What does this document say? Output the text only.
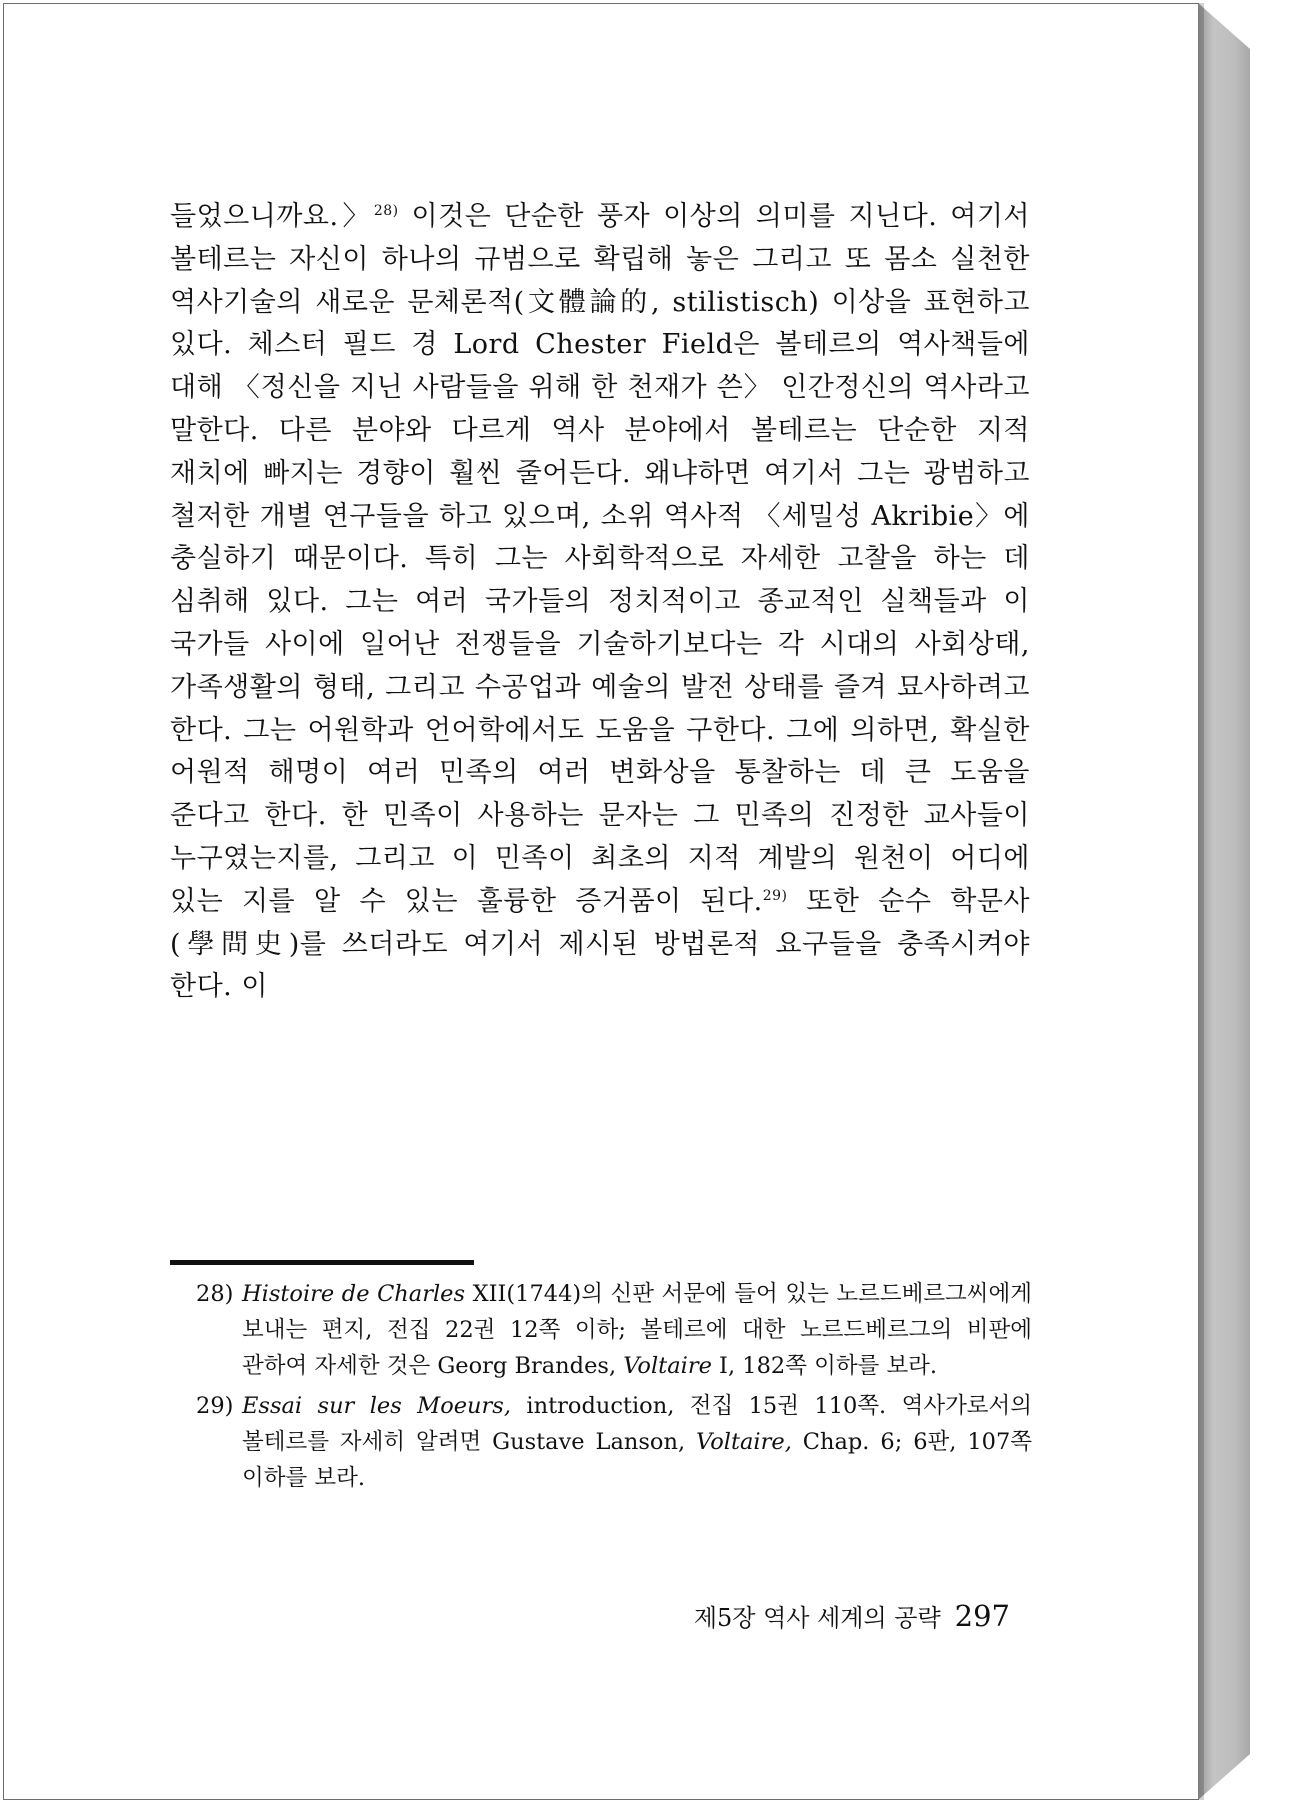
들었으니까요.〉$^{28)}$ 이것은 단순한 풍자 이상의 의미를 지닌다. 여기서 볼테르는 자신이 하나의 규범으로 확립해 놓은 그리고 또 몸소 실천한 역사기술의 새로운 문체론적(文體論的, stilistisch) 이상을 표현하고 있다. 체스터 필드 경 Lord Chester Field은 볼테르의 역사책들에 대해 〈정신을 지닌 사람들을 위해 한 천재가 쓴〉 인간정신의 역사라고 말한다. 다른 분야와 다르게 역사 분야에서 볼테르는 단순한 지적 재치에 빠지는 경향이 훨씬 줄어든다. 왜냐하면 여기서 그는 광범하고 철저한 개별 연구들을 하고 있으며, 소위 역사적 〈세밀성 Akribie〉에 충실하기 때문이다. 특히 그는 사회학적으로 자세한 고찰을 하는 데 심취해 있다. 그는 여러 국가들의 정치적이고 종교적인 실책들과 이 국가들 사이에 일어난 전쟁들을 기술하기보다는 각 시대의 사회상태, 가족생활의 형태, 그리고 수공업과 예술의 발전 상태를 즐겨 묘사하려고 한다. 그는 어원학과 언어학에서도 도움을 구한다. 그에 의하면, 확실한 어원적 해명이 여러 민족의 여러 변화상을 통찰하는 데 큰 도움을 준다고 한다. 한 민족이 사용하는 문자는 그 민족의 진정한 교사들이 누구였는지를, 그리고 이 민족이 최초의 지적 계발의 원천이 어디에 있는 지를 알 수 있는 훌륭한 증거품이 된다.$^{29)}$ 또한 순수 학문사(學問史)를 쓰더라도 여기서 제시된 방법론적 요구들을 충족시켜야 한다. 이

28) Histoire de Charles XII(1744)의 신판 서문에 들어 있는 노르드베르그씨에게 보내는 편지, 전집 22권 12쪽 이하; 볼테르에 대한 노르드베르그의 비판에 관하여 자세한 것은 Georg Brandes, Voltaire I, 182쪽 이하를 보라.
29) Essai sur les Moeurs, introduction, 전집 15권 110쪽. 역사가로서의 볼테르를 자세히 알려면 Gustave Lanson, Voltaire, Chap. 6; 6판, 107쪽 이하를 보라.
제5장 역사 세계의 공략 297
